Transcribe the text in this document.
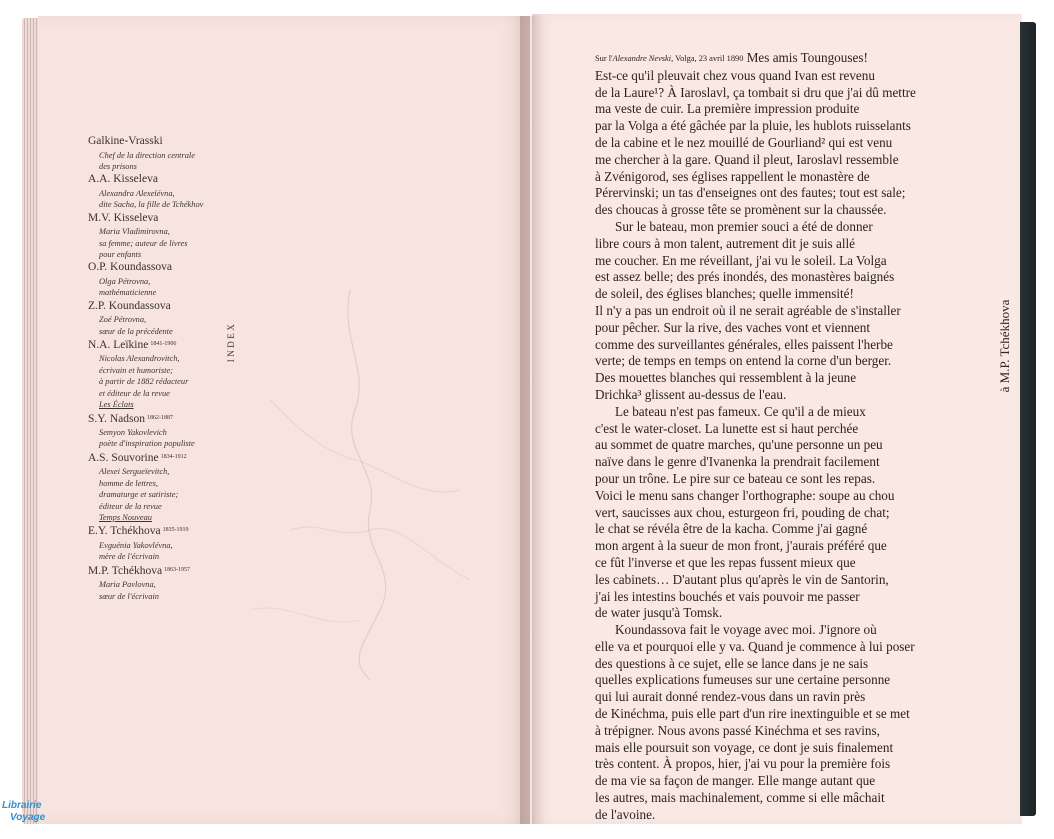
Galkine-Vrasski
Chef de la direction centrale
des prisons
A.A. Kisseleva
Alexandra Alexeïévna,
dite Sacha, la fille de Tchékhov
M.V. Kisseleva
Maria Vladimirovna,
sa femme; auteur de livres
pour enfants
O.P. Koundassova
Olga Pétrovna,
mathématicienne
Z.P. Koundassova
Zoé Pétrovna,
sœur de la précédente
N.A. Leïkine $^{1841-1906}$
Nicolas Alexandrovitch,
écrivain et humoriste;
à partir de 1882 rédacteur
et éditeur de la revue
Les Éclats
S.Y. Nadson $^{1862-1887}$
Semyon Yakovlevich
poète d'inspiration populiste
A.S. Souvorine $^{1834-1912}$
Alexei Sergueïevitch,
homme de lettres,
dramaturge et satiriste;
éditeur de la revue
Temps Nouveau
E.Y. Tchékhova $^{1835-1919}$
Evguénia Yakovlévna,
mère de l'écrivain
M.P. Tchékhova $^{1863-1957}$
Maria Pavlovna,
sœur de l'écrivain
INDEX
Sur l'Alexandre Nevski, Volga, 23 avril 1890 Mes amis Toungouses!
Est-ce qu'il pleuvait chez vous quand Ivan est revenu
de la Laure¹? À Iaroslavl, ça tombait si dru que j'ai dû mettre
ma veste de cuir. La première impression produite
par la Volga a été gâchée par la pluie, les hublots ruisselants
de la cabine et le nez mouillé de Gourliand² qui est venu
me chercher à la gare. Quand il pleut, Iaroslavl ressemble
à Zvénigorod, ses églises rappellent le monastère de
Pérervinski; un tas d'enseignes ont des fautes; tout est sale;
des choucas à grosse tête se promènent sur la chaussée.
Sur le bateau, mon premier souci a été de donner
libre cours à mon talent, autrement dit je suis allé
me coucher. En me réveillant, j'ai vu le soleil. La Volga
est assez belle; des prés inondés, des monastères baignés
de soleil, des églises blanches; quelle immensité!
Il n'y a pas un endroit où il ne serait agréable de s'installer
pour pêcher. Sur la rive, des vaches vont et viennent
comme des surveillantes générales, elles paissent l'herbe
verte; de temps en temps on entend la corne d'un berger.
Des mouettes blanches qui ressemblent à la jeune
Drichka³ glissent au-dessus de l'eau.
Le bateau n'est pas fameux. Ce qu'il a de mieux
c'est le water-closet. La lunette est si haut perchée
au sommet de quatre marches, qu'une personne un peu
naïve dans le genre d'Ivanenka la prendrait facilement
pour un trône. Le pire sur ce bateau ce sont les repas.
Voici le menu sans changer l'orthographe: soupe au chou
vert, saucisses aux chou, esturgeon fri, pouding de chat;
le chat se révéla être de la kacha. Comme j'ai gagné
mon argent à la sueur de mon front, j'aurais préféré que
ce fût l'inverse et que les repas fussent mieux que
les cabinets… D'autant plus qu'après le vin de Santorin,
j'ai les intestins bouchés et vais pouvoir me passer
de water jusqu'à Tomsk.
Koundassova fait le voyage avec moi. J'ignore où
elle va et pourquoi elle y va. Quand je commence à lui poser
des questions à ce sujet, elle se lance dans je ne sais
quelles explications fumeuses sur une certaine personne
qui lui aurait donné rendez-vous dans un ravin près
de Kinéchma, puis elle part d'un rire inextinguible et se met
à trépigner. Nous avons passé Kinéchma et ses ravins,
mais elle poursuit son voyage, ce dont je suis finalement
très content. À propos, hier, j'ai vu pour la première fois
de ma vie sa façon de manger. Elle mange autant que
les autres, mais machinalement, comme si elle mâchait
de l'avoine.
à M.P. Tchékhova
Librairie
Voyage
